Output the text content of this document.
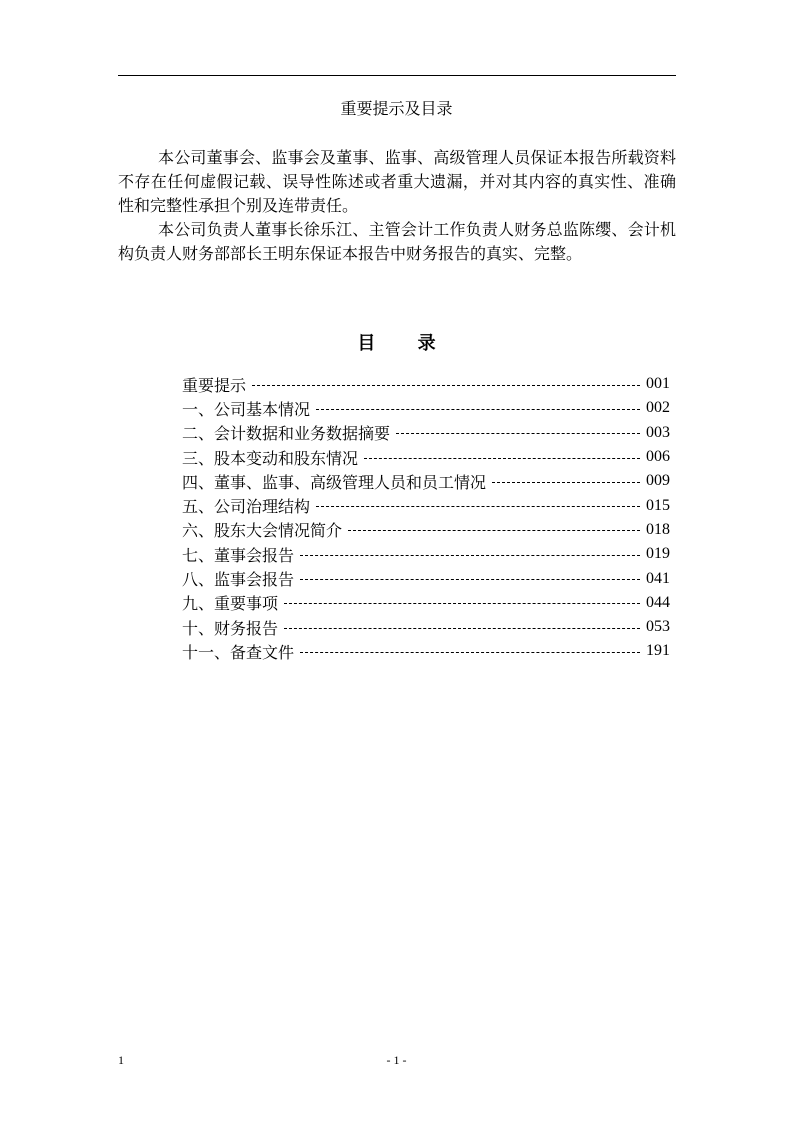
重要提示及目录

本公司董事会、监事会及董事、监事、高级管理人员保证本报告所载资料不存在任何虚假记载、误导性陈述或者重大遗漏，并对其内容的真实性、准确性和完整性承担个别及连带责任。

本公司负责人董事长徐乐江、主管会计工作负责人财务总监陈缨、会计机构负责人财务部部长王明东保证本报告中财务报告的真实、完整。

目 录
重要提示	001
一、公司基本情况	002
二、会计数据和业务数据摘要	003
三、股本变动和股东情况	006
四、董事、监事、高级管理人员和员工情况	009
五、公司治理结构	015
六、股东大会情况简介	018
七、董事会报告	019
八、监事会报告	041
九、重要事项	044
十、财务报告	053
十一、备查文件	191
1	- 1 -
